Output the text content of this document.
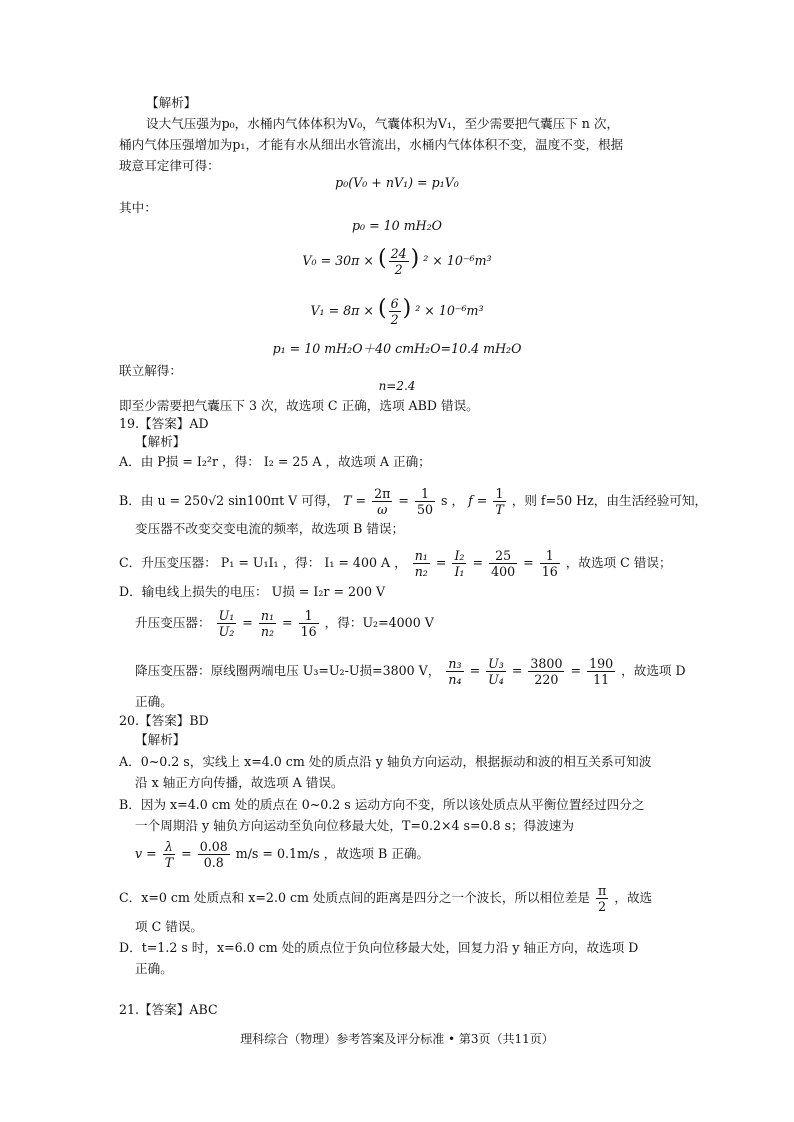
【解析】
设大气压强为p₀，水桶内气体体积为V₀，气囊体积为V₁，至少需要把气囊压下 n 次，
桶内气体压强增加为p₁，才能有水从细出水管流出，水桶内气体体积不变，温度不变，根据
玻意耳定律可得：
p₀(V₀ + nV₁) = p₁V₀
其中：
p₀ = 10 mH₂O
V₀ = 30π × ( $\frac{24}{2}$ ) ² × 10⁻⁶m³
V₁ = 8π × ( $\frac{6}{2}$ ) ² × 10⁻⁶m³
p₁ = 10 mH₂O＋40 cmH₂O=10.4 mH₂O
联立解得：
n=2.4
即至少需要把气囊压下 3 次，故选项 C 正确，选项 ABD 错误。
19.【答案】AD
【解析】
A．由 P损 = I₂²r ，得： I₂ = 25 A ，故选项 A 正确；
B．由 u = 250√2 sin100πt V 可得， $T = \frac{2\pi}{\omega} = \frac{1}{50}$ s ， $f = \frac{1}{T}$ ，则 f=50 Hz，由生活经验可知，
变压器不改变交变电流的频率，故选项 B 错误；
C．升压变压器： P₁ = U₁I₁ ，得： I₁ = 400 A ， $\frac{\text{n₁}}{\text{n₂}} = \frac{\text{I₂}}{\text{I₁}} = \frac{25}{400} = \frac{1}{16}$ ，故选项 C 错误；
D．输电线上损失的电压： U损 = I₂r = 200 V
升压变压器： $\frac{\text{U₁}}{\text{U₂}} = \frac{\text{n₁}}{\text{n₂}} = \frac{1}{16}$ ，得：U₂=4000 V
降压变压器：原线圈两端电压 U₃=U₂-U损=3800 V， $\frac{\text{n₃}}{\text{n₄}} = \frac{\text{U₃}}{\text{U₄}} = \frac{3800}{220} = \frac{190}{11}$ ，故选项 D
正确。
20.【答案】BD
【解析】
A．0~0.2 s，实线上 x=4.0 cm 处的质点沿 y 轴负方向运动，根据振动和波的相互关系可知波
沿 x 轴正方向传播，故选项 A 错误。
B．因为 x=4.0 cm 处的质点在 0~0.2 s 运动方向不变，所以该处质点从平衡位置经过四分之
一个周期沿 y 轴负方向运动至负向位移最大处，T=0.2×4 s=0.8 s；得波速为
$v = \frac{\lambda}{T} = \frac{0.08}{0.8} m/s = 0.1m/s$ ，故选项 B 正确。
C．x=0 cm 处质点和 x=2.0 cm 处质点间的距离是四分之一个波长，所以相位差是 $\frac{\pi}{2}$ ，故选
项 C 错误。
D．t=1.2 s 时，x=6.0 cm 处的质点位于负向位移最大处，回复力沿 y 轴正方向，故选项 D
正确。
21.【答案】ABC
理科综合（物理）参考答案及评分标准 • 第3页（共11页）
